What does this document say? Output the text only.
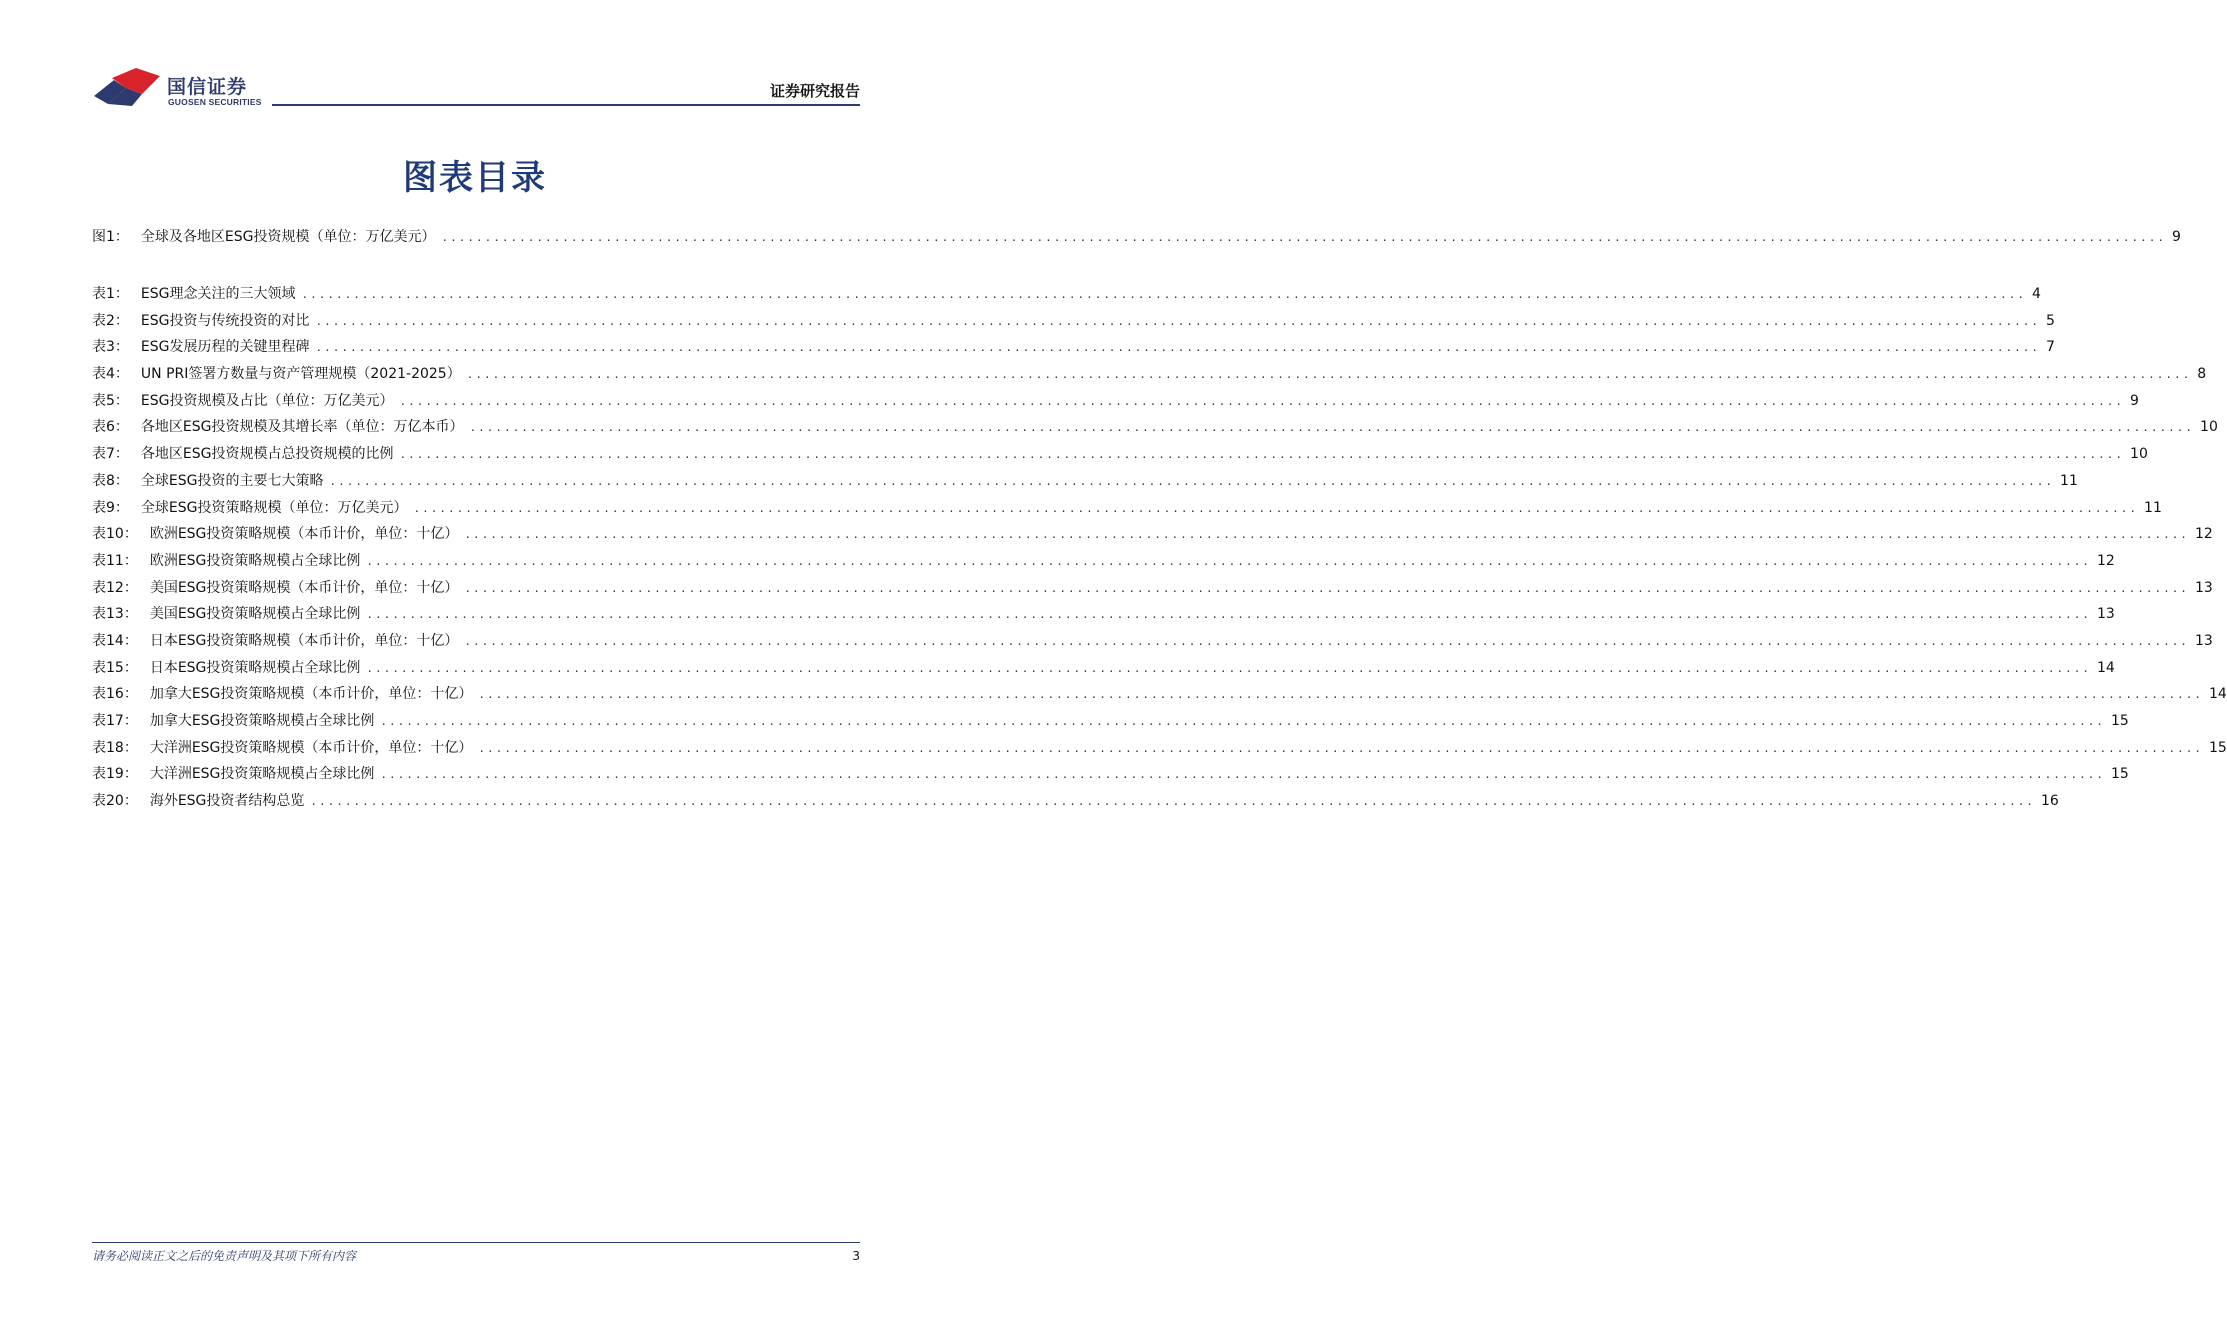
国信证券
GUOSEN SECURITIES
证券研究报告
图表目录
图1： 全球及各地区ESG投资规模（单位：万亿美元） ........................................................................................................................................................................................................ 9
表1： ESG理念关注的三大领域 ........................................................................................................................................................................................................ 4
表2： ESG投资与传统投资的对比 ........................................................................................................................................................................................................ 5
表3： ESG发展历程的关键里程碑 ........................................................................................................................................................................................................ 7
表4： UN PRI签署方数量与资产管理规模（2021-2025） ........................................................................................................................................................................................................ 8
表5： ESG投资规模及占比（单位：万亿美元） ........................................................................................................................................................................................................ 9
表6： 各地区ESG投资规模及其增长率（单位：万亿本币） ........................................................................................................................................................................................................ 10
表7： 各地区ESG投资规模占总投资规模的比例 ........................................................................................................................................................................................................ 10
表8： 全球ESG投资的主要七大策略 ........................................................................................................................................................................................................ 11
表9： 全球ESG投资策略规模（单位：万亿美元） ........................................................................................................................................................................................................ 11
表10： 欧洲ESG投资策略规模（本币计价，单位：十亿） ........................................................................................................................................................................................................ 12
表11： 欧洲ESG投资策略规模占全球比例 ........................................................................................................................................................................................................ 12
表12： 美国ESG投资策略规模（本币计价，单位：十亿） ........................................................................................................................................................................................................ 13
表13： 美国ESG投资策略规模占全球比例 ........................................................................................................................................................................................................ 13
表14： 日本ESG投资策略规模（本币计价，单位：十亿） ........................................................................................................................................................................................................ 13
表15： 日本ESG投资策略规模占全球比例 ........................................................................................................................................................................................................ 14
表16： 加拿大ESG投资策略规模（本币计价，单位：十亿） ........................................................................................................................................................................................................ 14
表17： 加拿大ESG投资策略规模占全球比例 ........................................................................................................................................................................................................ 15
表18： 大洋洲ESG投资策略规模（本币计价，单位：十亿） ........................................................................................................................................................................................................ 15
表19： 大洋洲ESG投资策略规模占全球比例 ........................................................................................................................................................................................................ 15
表20： 海外ESG投资者结构总览 ........................................................................................................................................................................................................ 16
请务必阅读正文之后的免责声明及其项下所有内容	3
